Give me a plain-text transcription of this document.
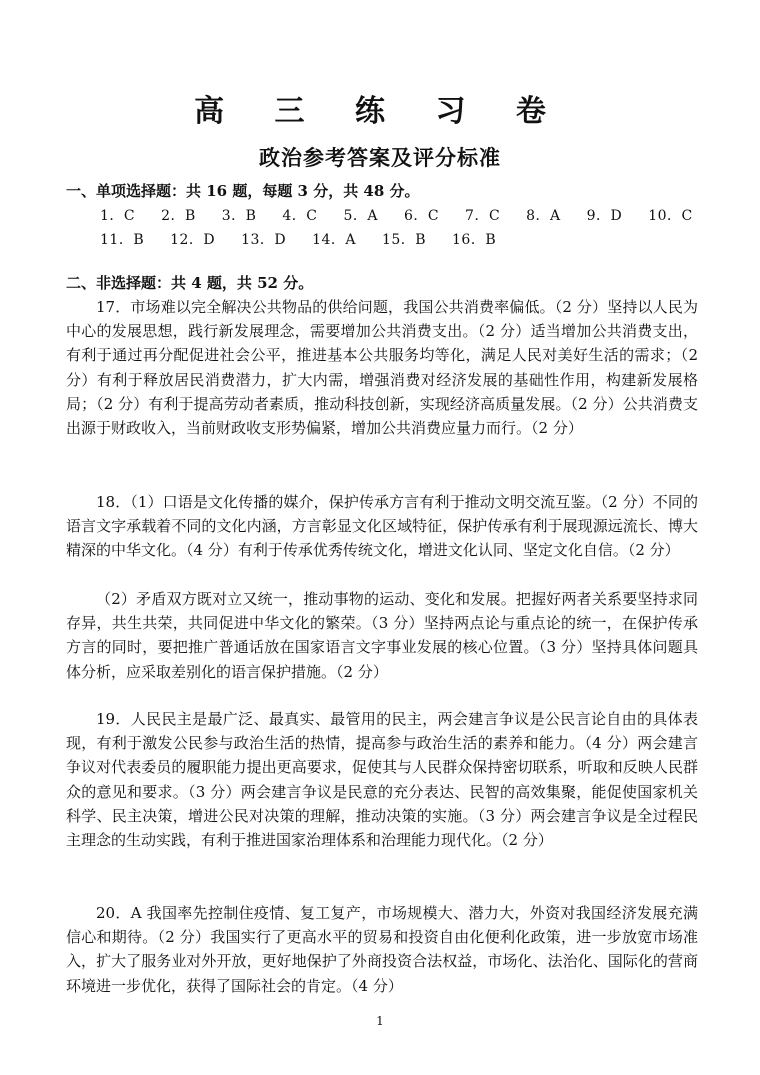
高 三 练 习 卷
政治参考答案及评分标准
一、单项选择题：共 16 题，每题 3 分，共 48 分。
1．C 2．B 3．B 4．C 5．A 6．C 7．C 8．A 9．D 10．C
11．B 12．D 13．D 14．A 15．B 16．B
二、非选择题：共 4 题，共 52 分。
17．市场难以完全解决公共物品的供给问题，我国公共消费率偏低。（2 分）坚持以人民为中心的发展思想，践行新发展理念，需要增加公共消费支出。（2 分）适当增加公共消费支出，有利于通过再分配促进社会公平，推进基本公共服务均等化，满足人民对美好生活的需求；（2 分）有利于释放居民消费潜力，扩大内需，增强消费对经济发展的基础性作用，构建新发展格局；（2 分）有利于提高劳动者素质，推动科技创新，实现经济高质量发展。（2 分）公共消费支出源于财政收入，当前财政收支形势偏紧，增加公共消费应量力而行。（2 分）
18．（1）口语是文化传播的媒介，保护传承方言有利于推动文明交流互鉴。（2 分）不同的语言文字承载着不同的文化内涵，方言彰显文化区域特征，保护传承有利于展现源远流长、博大精深的中华文化。（4 分）有利于传承优秀传统文化，增进文化认同、坚定文化自信。（2 分）
（2）矛盾双方既对立又统一，推动事物的运动、变化和发展。把握好两者关系要坚持求同存异，共生共荣，共同促进中华文化的繁荣。（3 分）坚持两点论与重点论的统一，在保护传承方言的同时，要把推广普通话放在国家语言文字事业发展的核心位置。（3 分）坚持具体问题具体分析，应采取差别化的语言保护措施。（2 分）
19．人民民主是最广泛、最真实、最管用的民主，两会建言争议是公民言论自由的具体表现，有利于激发公民参与政治生活的热情，提高参与政治生活的素养和能力。（4 分）两会建言争议对代表委员的履职能力提出更高要求，促使其与人民群众保持密切联系，听取和反映人民群众的意见和要求。（3 分）两会建言争议是民意的充分表达、民智的高效集聚，能促使国家机关科学、民主决策，增进公民对决策的理解，推动决策的实施。（3 分）两会建言争议是全过程民主理念的生动实践，有利于推进国家治理体系和治理能力现代化。（2 分）
20．A 我国率先控制住疫情、复工复产，市场规模大、潜力大，外资对我国经济发展充满信心和期待。（2 分）我国实行了更高水平的贸易和投资自由化便利化政策，进一步放宽市场准入，扩大了服务业对外开放，更好地保护了外商投资合法权益，市场化、法治化、国际化的营商环境进一步优化，获得了国际社会的肯定。（4 分）
1
